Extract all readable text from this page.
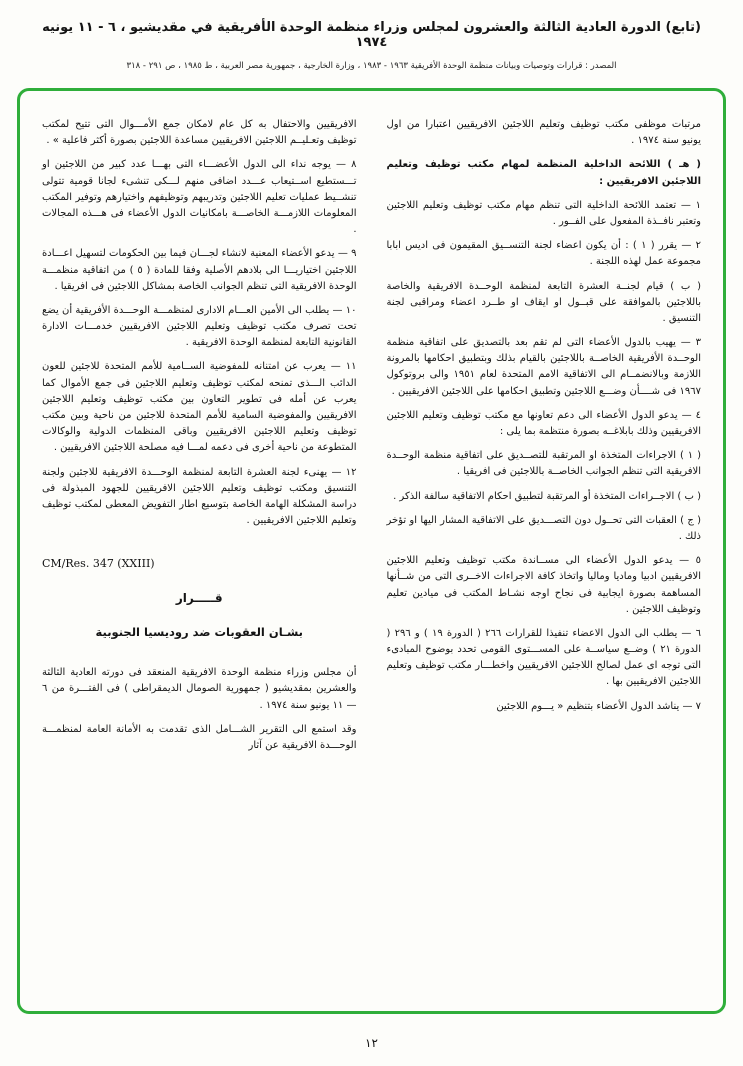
(تابع) الدورة العادية الثالثة والعشرون لمجلس وزراء منظمة الوحدة الأفريقية في مقديشيو ، ٦ - ١١ يونيه ١٩٧٤
المصدر : قرارات وتوصيات وبيانات منظمة الوحدة الأفريقية ١٩٦٣ - ١٩٨٣ ، وزارة الخارجية ، جمهورية مصر العربية ، ط ١٩٨٥ ، ص ٢٩١ - ٣١٨

مرتبات موظفى مكتب توظيف وتعليم اللاجئين الافريقيين اعتبارا من اول يونيو سنة ١٩٧٤ .

( هـ ) اللائحة الداخلية المنظمة لمهام مكتب توظيف وتعليم اللاجئين الافريقيين :

١ — تعتمد اللائحة الداخلية التى تنظم مهام مكتب توظيف وتعليم اللاجئين وتعتبر نافــذة المفعول على الفــور .

٢ — يقرر ( ١ ) : أن يكون اعضاء لجنة التنســيق المقيمون فى اديس ابابا مجموعة عمل لهذه اللجنة .

( ب ) قيام لجنــة العشرة التابعة لمنظمة الوحــدة الافريقية والخاصة باللاجئين بالموافقة على قبــول او ايقاف او طــرد اعضاء ومراقبى لجنة التنسيق .

٣ — يهيب بالدول الأعضاء التى لم تقم بعد بالتصديق على اتفاقية منظمة الوحــدة الأفريقية الخاصــة باللاجئين بالقيام بذلك وبتطبيق احكامها بالمرونة اللازمة وبالانضمــام الى الاتفاقية الامم المتحدة لعام ١٩٥١ والى بروتوكول ١٩٦٧ فى شــــأن وضـــع اللاجئين وتطبيق احكامها على اللاجئين الافريقيين .

٤ — يدعو الدول الأعضاء الى دعم تعاونها مع مكتب توظيف وتعليم اللاجئين الافريقيين وذلك بابلاغــه بصورة منتظمة بما يلى :

( ١ ) الاجراءات المتخذة او المرتقبة للتصــديق على اتفاقية منظمة الوحــدة الافريقية التى تنظم الجوانب الخاصــة باللاجئين فى افريقيا .

( ب ) الاجــراءات المتخذة أو المرتقبة لتطبيق احكام الاتفاقية سالفة الذكر .

( ج ) العقبات التى تحــول دون التصـــديق على الاتفاقية المشار اليها او تؤخر ذلك .

٥ — يدعو الدول الأعضاء الى مســاندة مكتب توظيف وتعليم اللاجئين الافريقيين ادبيا وماديا وماليا واتخاذ كافة الاجراءات الاخــرى التى من شــأنها المساهمة بصورة ايجابية فى نجاح اوجه نشـاط المكتب فى ميادين تعليم وتوظيف اللاجئين .

٦ — يطلب الى الدول الاعضاء تنفيذا للقرارات ٢٦٦ ( الدورة ١٩ ) و ٢٩٦ ( الدورة ٢١ ) وضــع سياســة على المســـتوى القومى تحدد بوضوح المبادىء التى توجه اى عمل لصالح اللاجئين الافريقيين واخطـــار مكتب توظيف وتعليم اللاجئين الافريقيين بها .

٧ — يناشد الدول الأعضاء بتنظيم « يـــوم اللاجئين

الافريقيين والاحتفال به كل عام لامكان جمع الأمـــوال التى تتيح لمكتب توظيف وتعـليــم اللاجئين الافريقيين مساعدة اللاجئين بصورة أكثر فاعلية » .

٨ — يوجه نداء الى الدول الأعضـــاء التى بهـــا عدد كبير من اللاجئين او تـــستطيع اســتيعاب عـــدد اضافى منهم لـــكى تنشىء لجانا قومية تتولى تنشــيط عمليات تعليم اللاجئين وتدريبهم وتوظيفهم واختيارهم وتوفير المكتب المعلومات اللازمـــة الخاصـــة بامكانيات الدول الأعضاء فى هـــذه المجالات .

٩ — يدعو الأعضاء المعنية لانشاء لجـــان فيما بين الحكومات لتسهيل اعـــادة اللاجئين اختياريـــا الى بلادهم الأصلية وفقا للمادة ( ٥ ) من اتفاقية منظمـــة الوحدة الافريقية التى تنظم الجوانب الخاصة بمشاكل اللاجئين فى افريقيا .

١٠ — يطلب الى الأمين العـــام الادارى لمنظمـــة الوحـــدة الأفريقية أن يضع تحت تصرف مكتب توظيف وتعليم اللاجئين الافريقيين خدمـــات الادارة القانونية التابعة لمنظمة الوحدة الافريقية .

١١ — يعرب عن امتنانه للمفوضية الســامية للأمم المتحدة للاجئين للعون الدائب الـــذى تمنحه لمكتب توظيف وتعليم اللاجئين فى جمع الأموال كما يعرب عن أمله فى تطوير التعاون بين مكتب توظيف وتعليم اللاجئين الافريقيين والمفوضية السامية للأمم المتحدة للاجئين من ناحية وبين مكتب توظيف وتعليم اللاجئين الافريقيين وباقى المنظمات الدولية والوكالات المتطوعة من ناحية أخرى فى دعمه لمـــا فيه مصلحة اللاجئين الافريقيين .

١٢ — يهنىء لجنة العشرة التابعة لمنظمة الوحـــدة الافريقية للاجئين ولجنة التنسيق ومكتب توظيف وتعليم اللاجئين الافريقيين للجهود المبذولة فى دراسة المشكلة الهامة الخاصة بتوسيع اطار التفويض المعطى لمكتب توظيف وتعليم اللاجئين الافريقيين .

CM/Res. 347 (XXIII)

قـــــرار

بشـان العقوبات ضد روديسيا الجنوبية

أن مجلس وزراء منظمة الوحدة الافريقية المنعقد فى دورته العادية الثالثة والعشرين بمقديشيو ( جمهورية الصومال الديمقراطى ) فى الفتـــرة من ٦ — ١١ يونيو سنة ١٩٧٤ .

وقد استمع الى التقرير الشـــامل الذى تقدمت به الأمانة العامة لمنظمـــة الوحـــدة الافريقية عن آثار

١٢
